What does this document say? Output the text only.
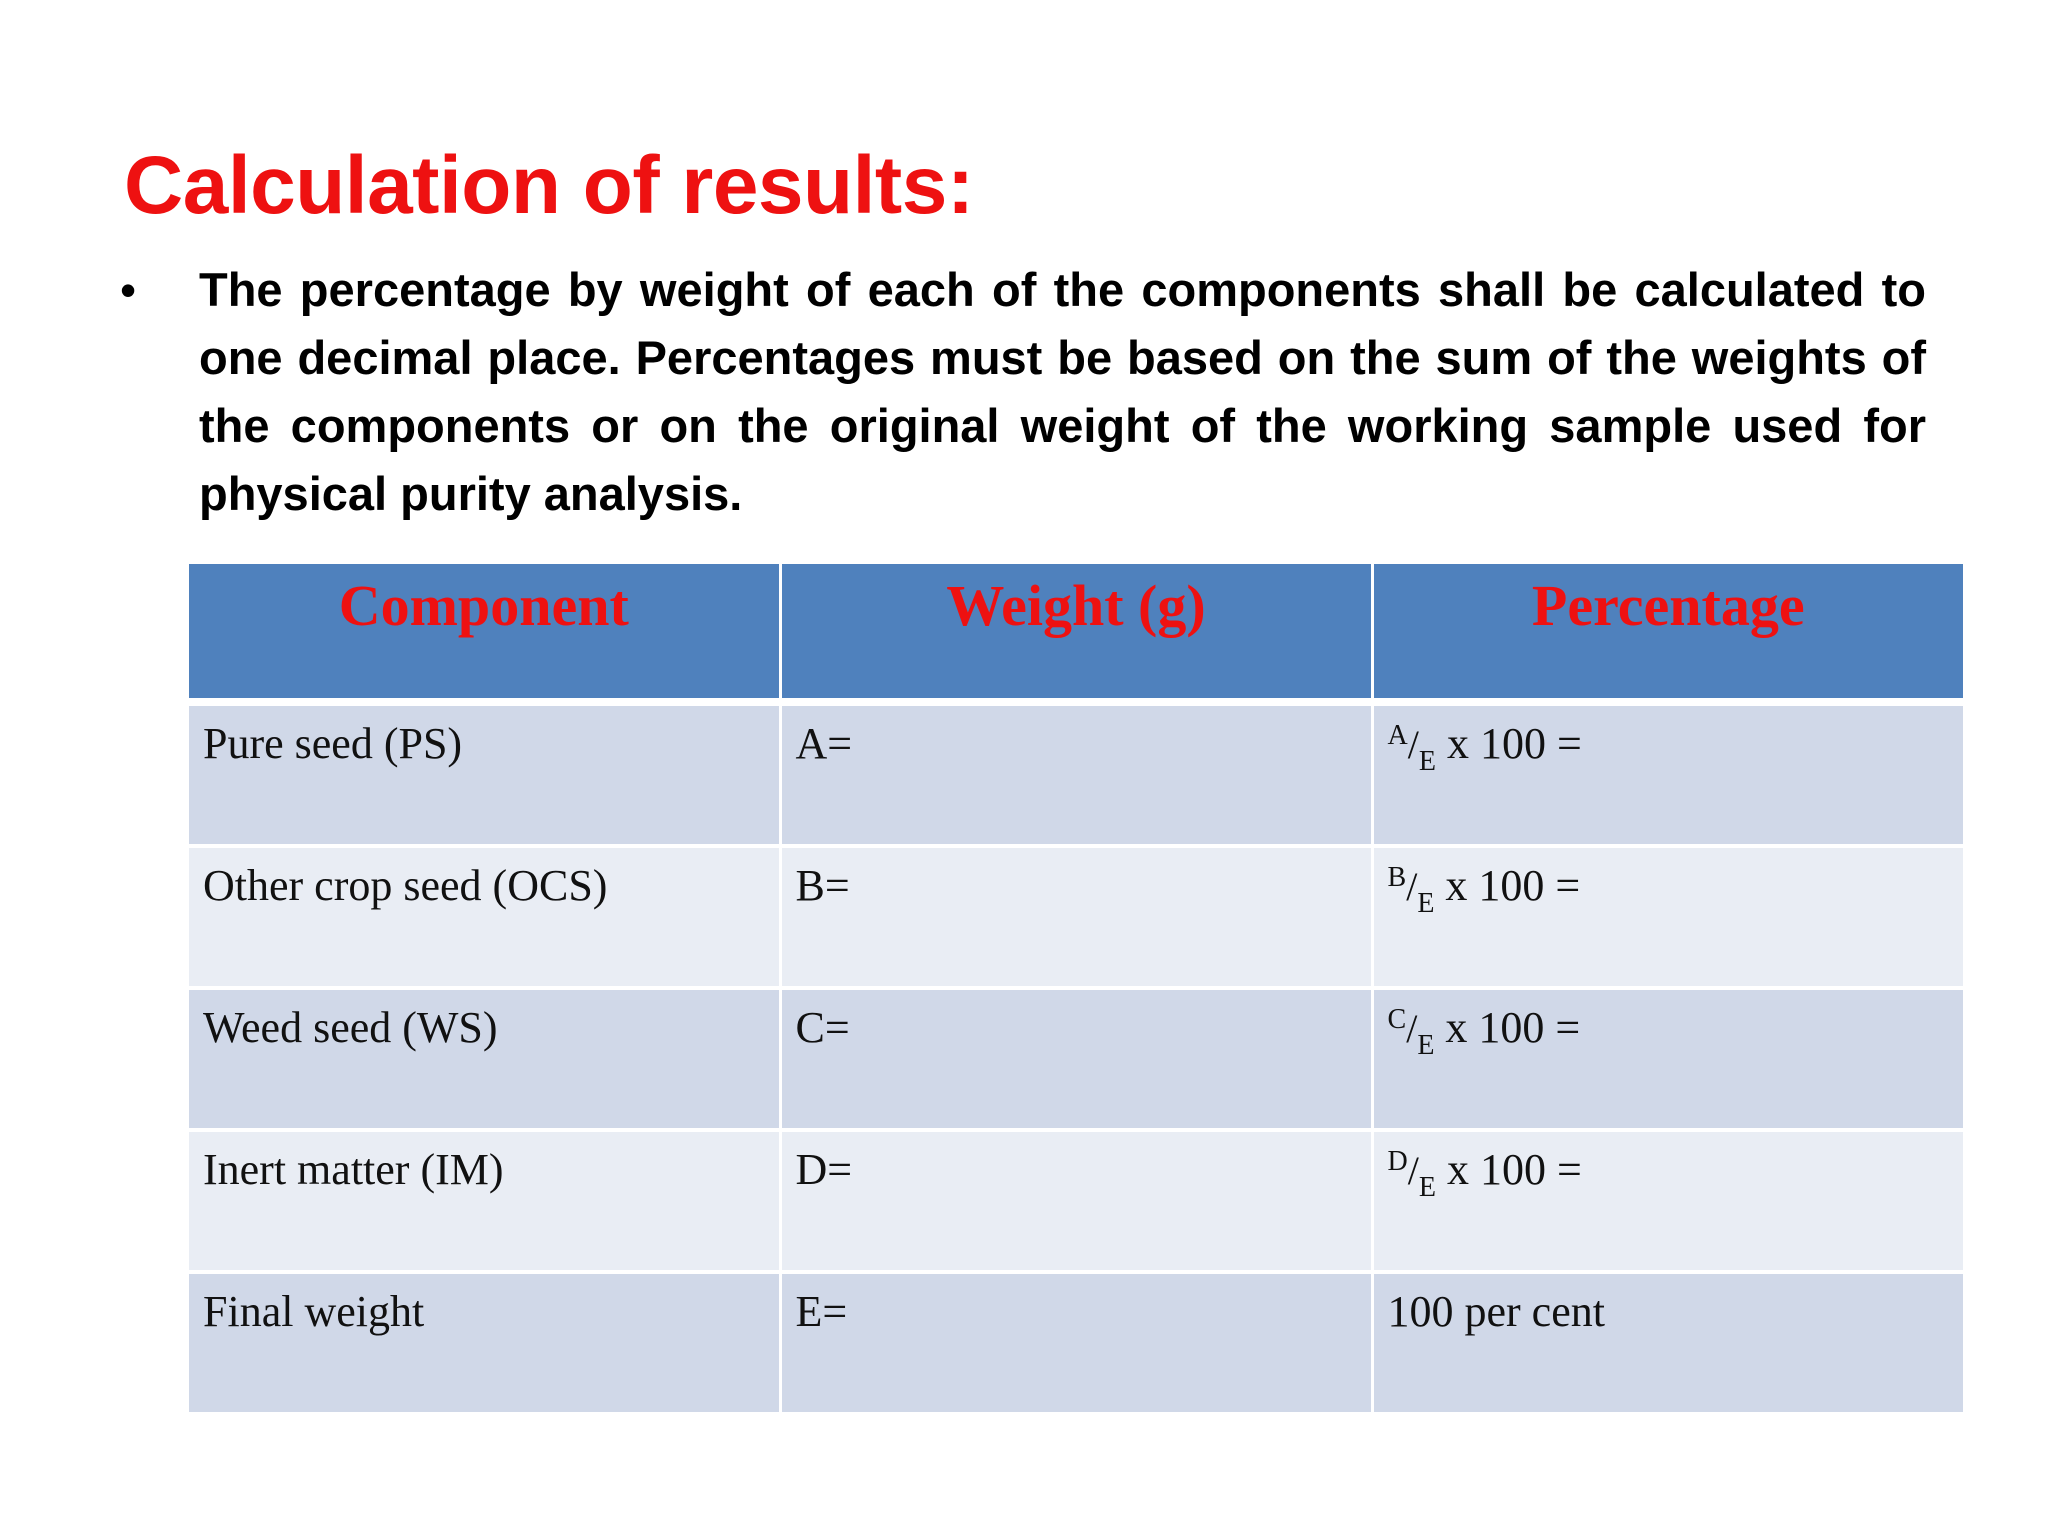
Calculation of results:
• The percentage by weight of each of the components shall be calculated to one decimal place. Percentages must be based on the sum of the weights of the components or on the original weight of the working sample used for physical purity analysis.

Component	Weight (g)	Percentage
Pure seed (PS)	A=	$^A/_E$ x 100 =
Other crop seed (OCS)	B=	$^B/_E$ x 100 =
Weed seed (WS)	C=	$^C/_E$ x 100 =
Inert matter (IM)	D=	$^D/_E$ x 100 =
Final weight	E=	100 per cent
